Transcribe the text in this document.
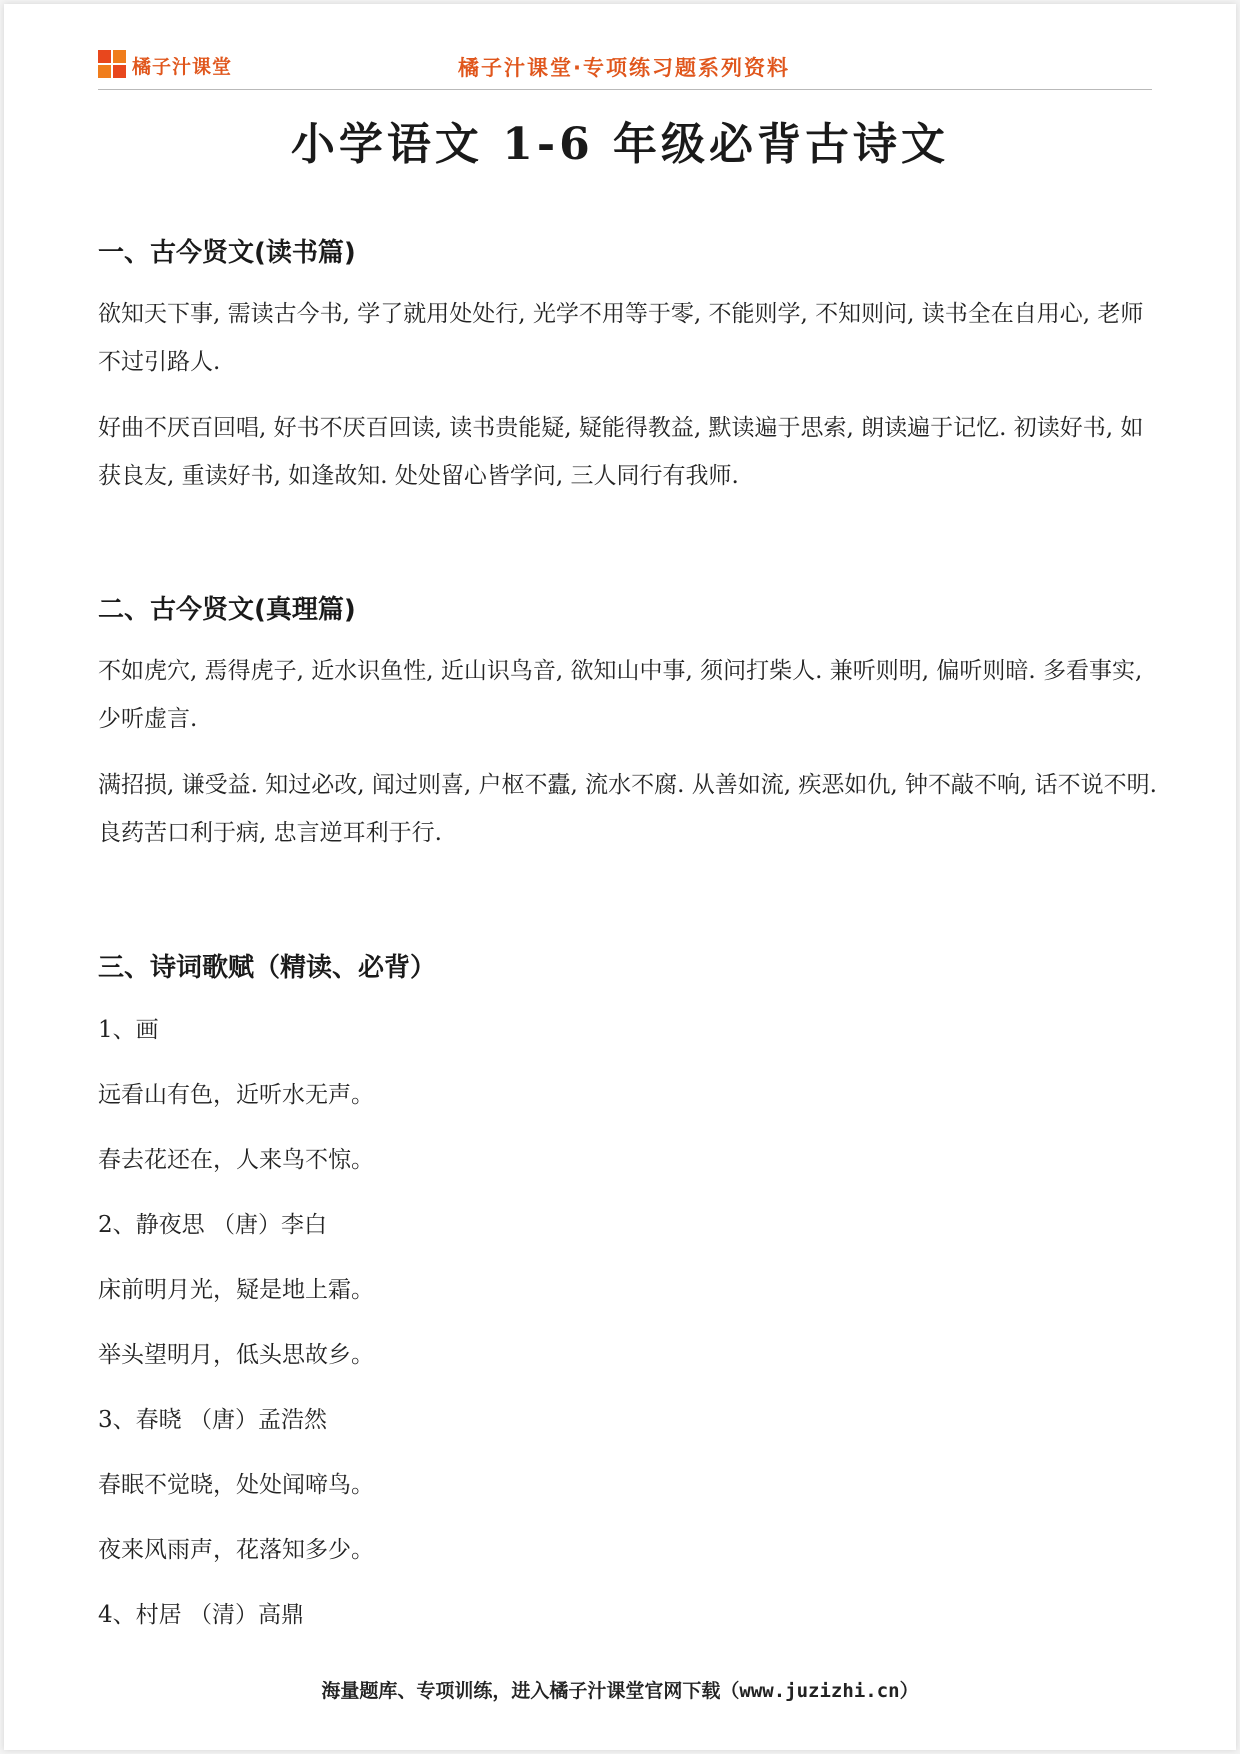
橘子汁课堂	橘子汁课堂·专项练习题系列资料
小学语文 1-6 年级必背古诗文
一、古今贤文(读书篇)
欲知天下事, 需读古今书, 学了就用处处行, 光学不用等于零, 不能则学, 不知则问, 读书全在自用心, 老师不过引路人.
好曲不厌百回唱, 好书不厌百回读, 读书贵能疑, 疑能得教益, 默读遍于思索, 朗读遍于记忆. 初读好书, 如获良友, 重读好书, 如逢故知. 处处留心皆学问, 三人同行有我师.
二、古今贤文(真理篇)
不如虎穴, 焉得虎子, 近水识鱼性, 近山识鸟音, 欲知山中事, 须问打柴人. 兼听则明, 偏听则暗. 多看事实, 少听虚言.
满招损, 谦受益. 知过必改, 闻过则喜, 户枢不蠹, 流水不腐. 从善如流, 疾恶如仇, 钟不敲不响, 话不说不明. 良药苦口利于病, 忠言逆耳利于行.
三、诗词歌赋（精读、必背）
1、画
远看山有色，近听水无声。
春去花还在，人来鸟不惊。
2、静夜思 （唐）李白
床前明月光，疑是地上霜。
举头望明月，低头思故乡。
3、春晓 （唐）孟浩然
春眠不觉晓，处处闻啼鸟。
夜来风雨声，花落知多少。
4、村居 （清）高鼎
海量题库、专项训练，进入橘子汁课堂官网下载（www.juzizhi.cn）
